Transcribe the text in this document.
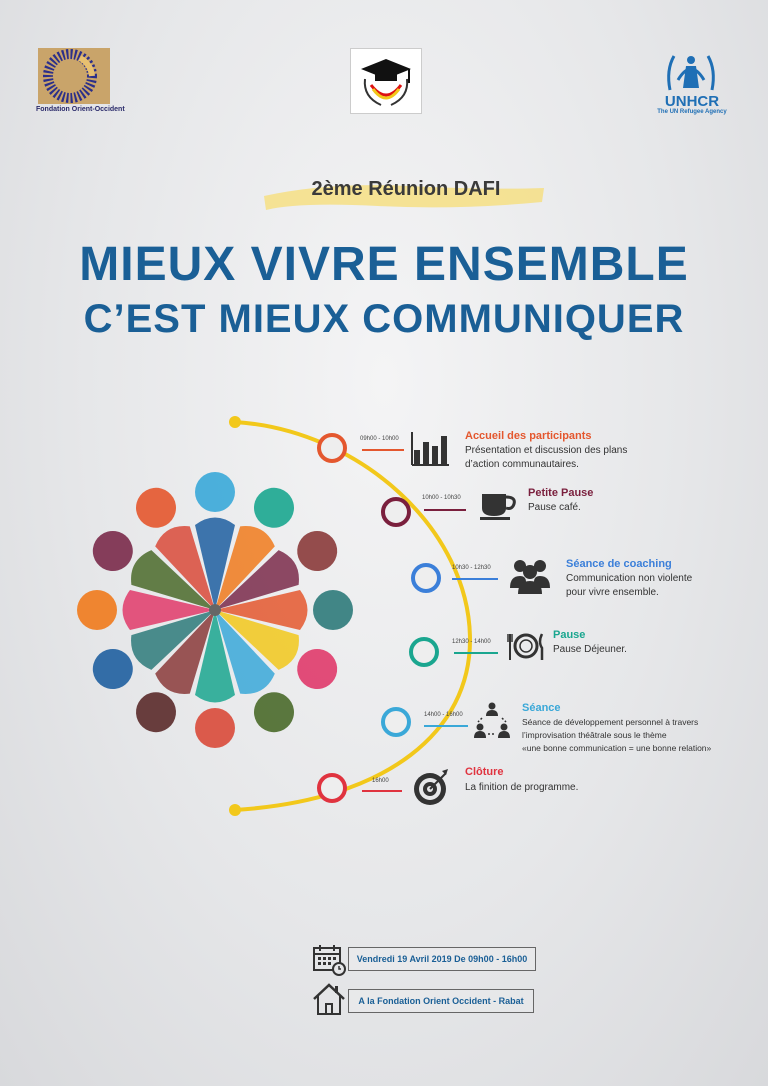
Fondation Orient-Occident	UNHCR
The UN Refugee Agency
2ème Réunion DAFI
MIEUX VIVRE ENSEMBLE
C’EST MIEUX COMMUNIQUER
09h00 - 10h00	Accueil des participants
Présentation et discussion des plans
d’action communautaires.
10h00 - 10h30	Petite Pause
Pause café.
10h30 - 12h30	Séance de coaching
Communication non violente
pour vivre ensemble.
12h30 - 14h00
Pause
Pause Déjeuner.
14h00 - 16h00
Séance
Séance de développement personnel à travers
l’improvisation théâtrale sous le thème
«une bonne communication = une bonne relation»
16h00
Clôture
La finition de programme.
Vendredi 19 Avril 2019 De 09h00 - 16h00
A la Fondation Orient Occident - Rabat
